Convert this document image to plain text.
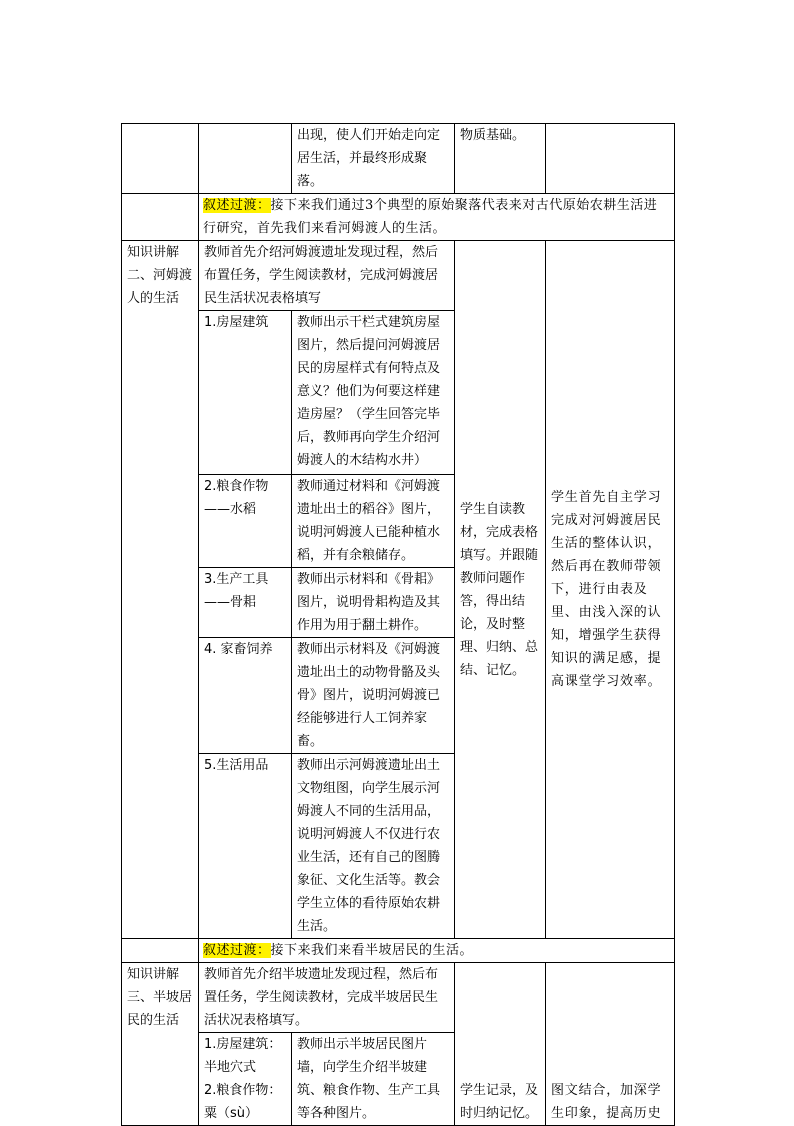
		出现，使人们开始走向定居生活，并最终形成聚落。	物质基础。	
	叙述过渡：接下来我们通过3个典型的原始聚落代表来对古代原始农耕生活进行研究，首先我们来看河姆渡人的生活。			
知识讲解二、河姆渡人的生活	教师首先介绍河姆渡遗址发现过程，然后布置任务，学生阅读教材，完成河姆渡居民生活状况表格填写		学生自读教材，完成表格填写。并跟随教师问题作答，得出结论，及时整理、归纳、总结、记忆。	学生首先自主学习完成对河姆渡居民生活的整体认识，然后再在教师带领下，进行由表及里、由浅入深的认知，增强学生获得知识的满足感，提高课堂学习效率。
	1.房屋建筑	教师出示干栏式建筑房屋图片，然后提问河姆渡居民的房屋样式有何特点及意义？他们为何要这样建造房屋？（学生回答完毕后，教师再向学生介绍河姆渡人的木结构水井）		
	2.粮食作物——水稻	教师通过材料和《河姆渡遗址出土的稻谷》图片，说明河姆渡人已能种植水稻，并有余粮储存。		
	3.生产工具——骨耜	教师出示材料和《骨耜》图片，说明骨耜构造及其作用为用于翻土耕作。		
	4. 家畜饲养	教师出示材料及《河姆渡遗址出土的动物骨骼及头骨》图片，说明河姆渡已经能够进行人工饲养家畜。		
	5.生活用品	教师出示河姆渡遗址出土文物组图，向学生展示河姆渡人不同的生活用品，说明河姆渡人不仅进行农业生活，还有自己的图腾象征、文化生活等。教会学生立体的看待原始农耕生活。		
	叙述过渡：接下来我们来看半坡居民的生活。			
知识讲解三、半坡居民的生活	教师首先介绍半坡遗址发现过程，然后布置任务，学生阅读教材，完成半坡居民生活状况表格填写。		学生记录，及时归纳记忆。	图文结合，加深学生印象，提高历史

	1.房屋建筑：
半地穴式
2.粮食作物：
粟（sù）	教师出示半坡居民图片墙，向学生介绍半坡建筑、粮食作物、生产工具等各种图片。		
